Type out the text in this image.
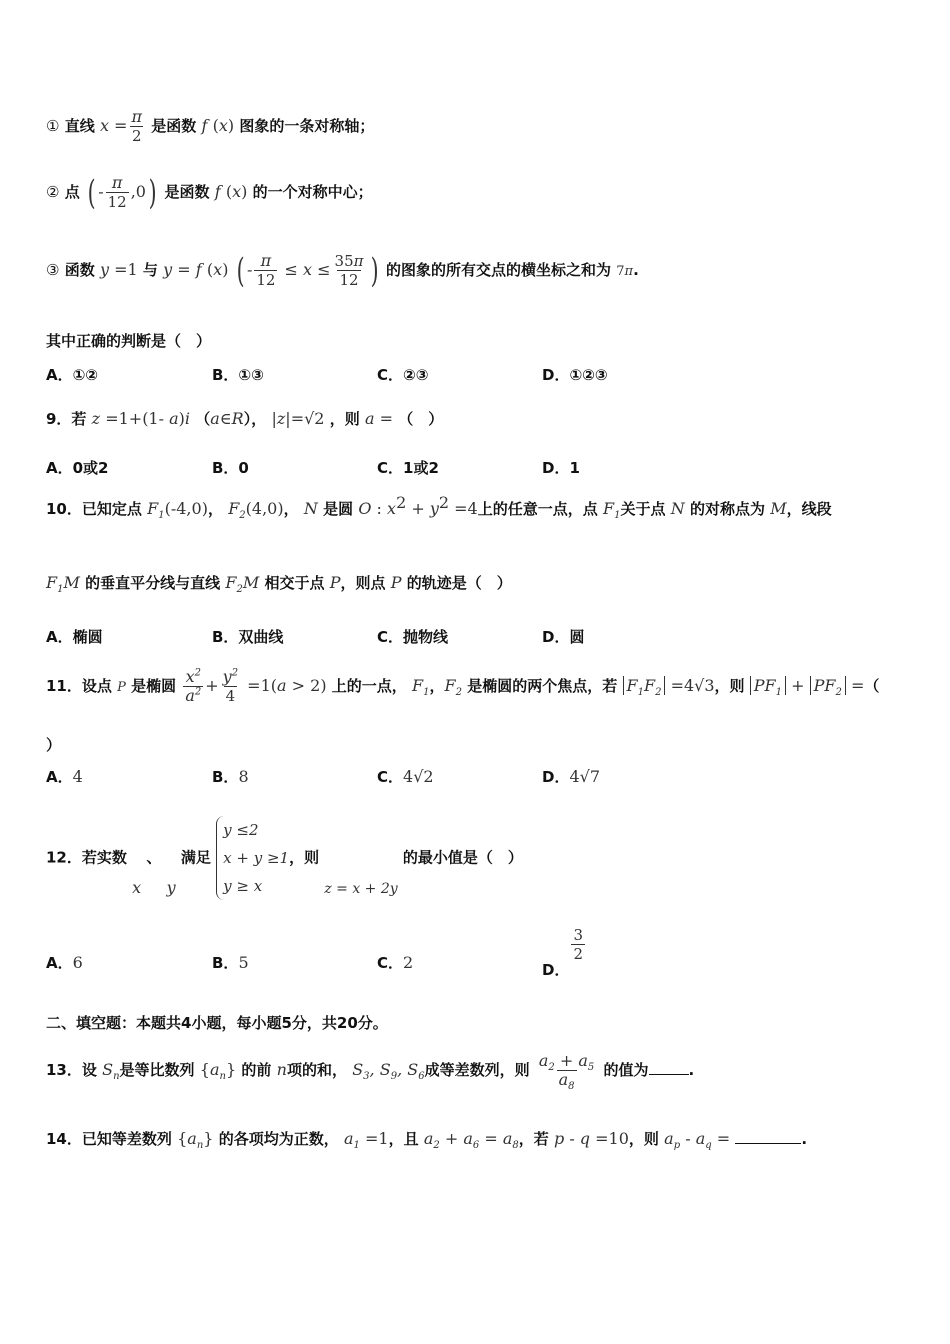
① 直线 $x = \frac{\pi}{2}$ 是函数 f (x) 图象的一条对称轴；
② 点 ( - $\frac{\pi}{12} ,0$) 是函数 f (x) 的一个对称中心；
③ 函数 y =1 与 y = f (x) ( - $\frac{\pi}{12} \le x \le \frac{35\pi}{12}$ ) 的图象的所有交点的横坐标之和为 7π.
其中正确的判断是（　）
A．①②	B．①③	C．②③	D．①②③
9．若 z =1+(1- a)i （a∈R）， |z|=√2 ，则 a = （　）
A．0或2	B．0	C．1或2	D．1
10．已知定点 $F_1(-4,0)$， $F_2(4,0)$， N 是圆 O : $x^2 + y^2 =4$上的任意一点，点 $F_1$关于点 N 的对称点为 M，线段
$F_1M$ 的垂直平分线与直线 $F_2M$ 相交于点 P，则点 P 的轨迹是（　）
A．椭圆	B．双曲线	C．抛物线	D．圆
11．设点 P 是椭圆 $\frac{x^2}{a^2} + \frac{y^2}{4} =1(a > 2)$ 上的一点， $F_1$，$F_2$ 是椭圆的两个焦点，若 $F_1F_2 =4√3$，则 $PF_1 + PF_2$ =（
）
A．4	B．8	C．4√2	D．4√7
12．若实数 x 、 y 满足
y ≤2
x + y ≥1
y ≥ x
，则 z = x + 2y 的最小值是（　）
A．6	B．5	C．2	D．
$\frac{3}{2}$
二、填空题：本题共4小题，每小题5分，共20分。
13．设 $S_n$是等比数列 $\{a_n\}$ 的前 n项的和， $S_3$, $S_9$, $S_6$成等差数列，则 $\frac{a_2 + a_5}{a_8}$ 的值为	.
14．已知等差数列 $\{a_n\}$ 的各项均为正数， $a_1 =1$，且 $a_2 + a_6 = a_8$，若 p - q =10，则 $a_p - a_q$ =	.
